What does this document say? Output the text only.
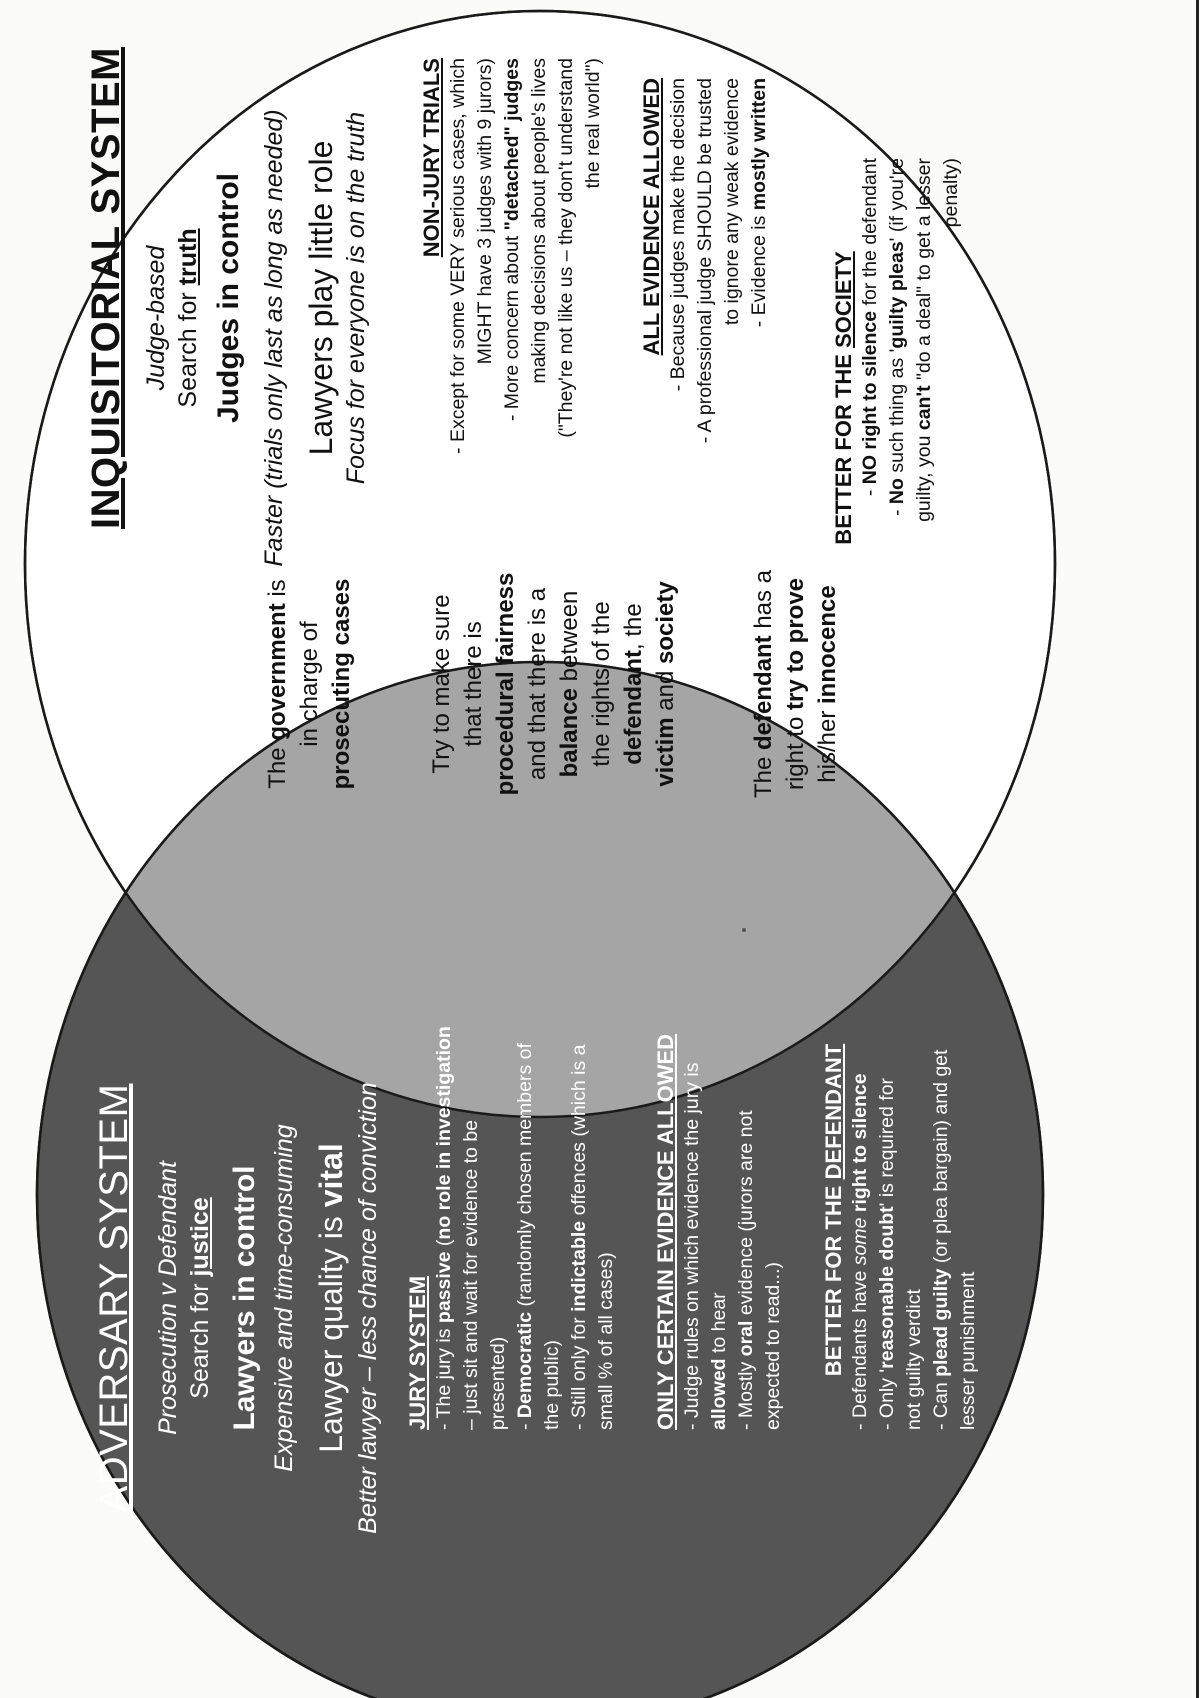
ADVERSARY SYSTEM Prosecution v Defendant Search for justice Lawyers in control Expensive and time-consuming Lawyer quality is vital Better lawyer – less chance of conviction JURY SYSTEM - The jury is passive (no role in investigation – just sit and wait for evidence to be presented) - Democratic (randomly chosen members of
the public) - Still only for indictable offences (which is a
small % of all cases) ONLY CERTAIN EVIDENCE ALLOWED - Judge rules on which evidence the jury is allowed to hear
- Mostly oral evidence (jurors are not
expected to read...) BETTER FOR THE DEFENDANT
- Defendants have some right to silence
- Only 'reasonable doubt' is required for
not guilty verdict - Can plead guilty (or plea bargain) and get
lesser punishment
The government is
in charge of prosecuting cases	Try to make sure that there is procedural fairness and that there is a balance between the rights of the defendant, the
victim and society
The defendant has a
right to try to prove
his/her innocence
INQUISITORIAL SYSTEM Judge-based Search for truth Judges in control Faster (trials only last as long as needed) Lawyers play little role Focus for everyone is on the truth NON-JURY TRIALS - Except for some VERY serious cases, which MIGHT have 3 judges with 9 jurors) - More concern about "detached" judges making decisions about people's lives ("They're not like us – they don't understand the real world") ALL EVIDENCE ALLOWED - Because judges make the decision - A professional judge SHOULD be trusted to ignore any weak evidence - Evidence is mostly written
BETTER FOR THE SOCIETY
- NO right to silence for the defendant
- No such thing as 'guilty pleas' (if you're
guilty, you can't "do a deal" to get a lesser penalty)
